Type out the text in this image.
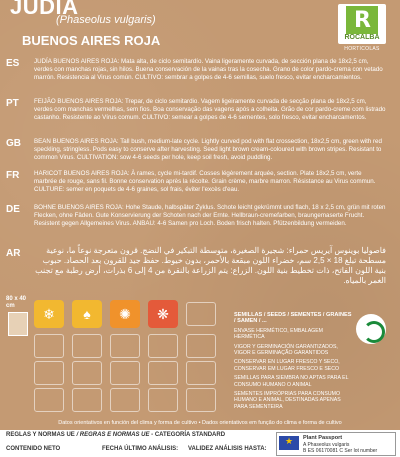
JUDIA
(Phaseolus vulgaris)
BUENOS AIRES ROJA
R
ROCALBA
HORTICOLAS
ES JUDÍA BUENOS AIRES ROJA: Mata alta, de ciclo semitardío. Vaina ligeramente curvada, de sección plana de 18x2,5 cm, verdes con manchas rojas, sin hilos. Buena conservación de la vainas tras la cosecha. Grano de color pardo-crema con vetado marrón. Resistencia al Virus común. CULTIVO: sembrar a golpes de 4-6 semillas, suelo fresco, evitar encharcamientos.
PT FEIJÃO BUENOS AIRES ROJA: Trepar, de ciclo semitardio. Vagem ligeiramente curvada de secção plana de 18x2,5 cm, verdes com manchas vermelhas, sem fios. Boa conservação das vagens após a colheita. Grão de cor pardo-creme com listrado castanho. Resistente ao Vírus comum. CULTIVO: semear a golpes de 4-6 sementes, solo fresco, evitar encharcamentos.
GB BEAN BUENOS AIRES ROJA: Tall bush, medium-late cycle. Lightly curved pod with flat crossection, 18x2,5 cm, green with red speckling, stringless. Pods easy to conserve after harvesting. Seed light brown cream-coloured with brown stripes. Resistant to common Virus. CULTIVATION: sow 4-6 seeds per hole, keep soil fresh, avoid puddling.
FR HARICOT BUENOS AIRES ROJA: À rames, cycle mi-tardif. Cosses légèrement arquée, section. Plate 18x2,5 cm, verte marbrée de rouge, sans fil. Bonne conservation après la récolte. Grain crème, marbre marron. Résistance au Virus commun. CULTURE: semer en poquets de 4-6 graines, sol frais, éviter l'excès d'eau.
DE BOHNE BUENOS AIRES ROJA: Hohe Staude, halbspäter Zyklus. Schote leicht gekrümmt und flach, 18 x 2,5 cm, grün mit roten Flecken, ohne Fäden. Gute Konservierung der Schoten nach der Ernte. Hellbraun-cremefarben, braungemaserte Frucht. Resistent gegen Allgemeines Virus. ANBAU: 4-6 Samen pro Loch. Boden frisch halten. Pfützenbildung vermeiden.
AR	فاصوليا بوينوس آيريس حمراء: شجيرة الصغيرة، متوسطة التبكير في النضج. قرون متعرجة نوعاً ما، نوعية مسطحة تبلغ 18 × 2,5 سم، خضراء اللون مبقعة بالأحمر، بدون خيوط. حفظ جيد للقرون بعد الحصاد. حبوب بنية اللون الفاتح، ذات تخطيط بنية اللون. الزراع: يتم الزراعة بالنقرة من 4 إلى 6 بذرات، أرض رطبة مع تجنب الغمر بالمياه.
80 x 40
cm	❄ ♠ ✺ ❋	SEMILLAS / SEEDS / SEMENTES / GRAINES / SAMEN / ...
ENVASE HERMÉTICO, EMBALAGEM HERMÉTICA
VIGOR Y GERMINACIÓN GARANTIZADOS, VIGOR E GERMINAÇÃO GARANTIDOS
CONSERVAR EN LUGAR FRESCO Y SECO, CONSERVAR EM LUGAR FRESCO E SECO
SEMILLAS PARA SIEMBRA NO APTAS PARA EL CONSUMO HUMANO O ANIMAL
SEMENTES IMPRÓPRIAS PARA CONSUMO HUMANO E ANIMAL, DESTINADAS APENAS PARA SEMENTEIRA
Datos orientativos en función del clima y forma de cultivo • Dados orientativos em função do clima e forma de cultivo
REGLAS Y NORMAS UE / REGRAS E NORMAS UE - CATEGORÍA STANDARD
CONTENIDO NETO	FECHA ÚLTIMO ANÁLISIS: VALIDEZ ANÁLISIS HASTA:
★
Plant Passport
A Phaseolus vulgaris
B ES 06170081 C Ser lot number
